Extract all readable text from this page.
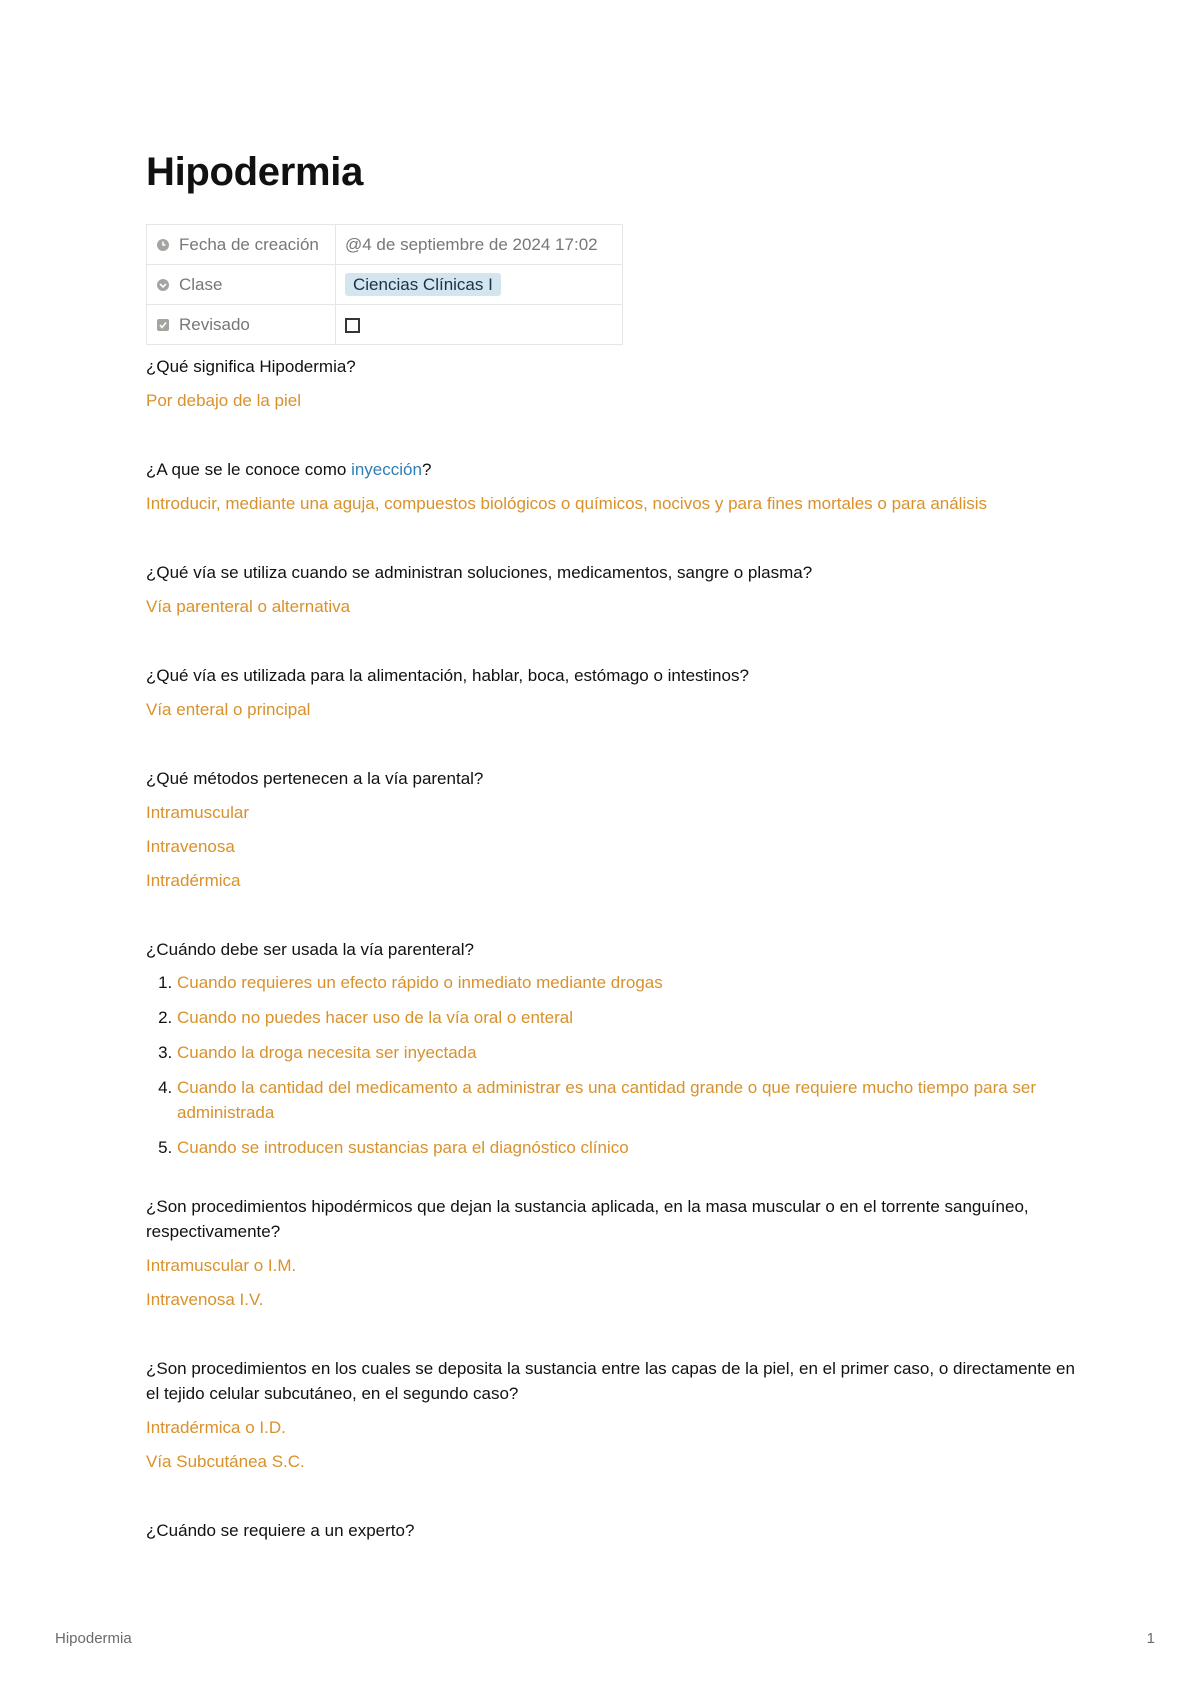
Hipodermia
Fecha de creación	@4 de septiembre de 2024 17:02
Clase	Ciencias Clínicas I
Revisado	

¿Qué significa Hipodermia?

Por debajo de la piel

¿A que se le conoce como inyección?

Introducir, mediante una aguja, compuestos biológicos o químicos, nocivos y para fines mortales o para análisis

¿Qué vía se utiliza cuando se administran soluciones, medicamentos, sangre o plasma?

Vía parenteral o alternativa

¿Qué vía es utilizada para la alimentación, hablar, boca, estómago o intestinos?

Vía enteral o principal

¿Qué métodos pertenecen a la vía parental?

Intramuscular

Intravenosa

Intradérmica

¿Cuándo debe ser usada la vía parenteral?

1. Cuando requieres un efecto rápido o inmediato mediante drogas
2. Cuando no puedes hacer uso de la vía oral o enteral
3. Cuando la droga necesita ser inyectada
4. Cuando la cantidad del medicamento a administrar es una cantidad grande o que requiere mucho tiempo para ser administrada
5. Cuando se introducen sustancias para el diagnóstico clínico

¿Son procedimientos hipodérmicos que dejan la sustancia aplicada, en la masa muscular o en el torrente sanguíneo, respectivamente?

Intramuscular o I.M.

Intravenosa I.V.

¿Son procedimientos en los cuales se deposita la sustancia entre las capas de la piel, en el primer caso, o directamente en el tejido celular subcutáneo, en el segundo caso?

Intradérmica o I.D.

Vía Subcutánea S.C.

¿Cuándo se requiere a un experto?

Hipodermia	1
